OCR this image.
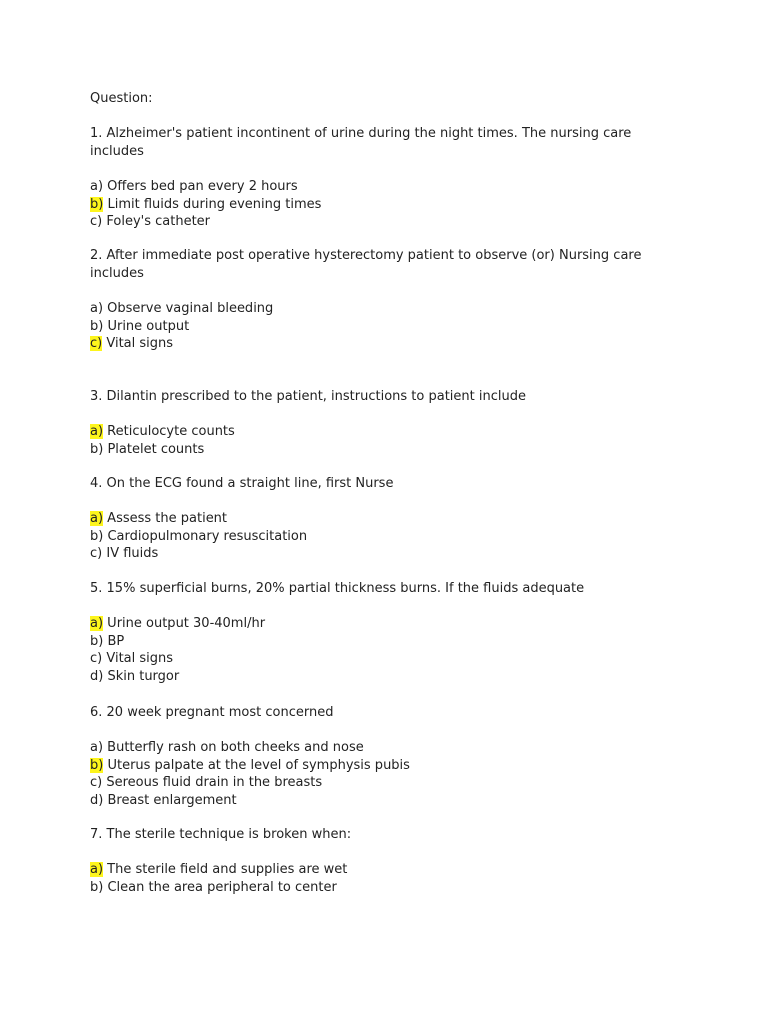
Question:
1. Alzheimer's patient incontinent of urine during the night times. The nursing care includes
a) Offers bed pan every 2 hours
b) Limit fluids during evening times
c) Foley's catheter
2. After immediate post operative hysterectomy patient to observe (or) Nursing care includes
a) Observe vaginal bleeding
b) Urine output
c) Vital signs
3. Dilantin prescribed to the patient, instructions to patient include
a) Reticulocyte counts
b) Platelet counts
4. On the ECG found a straight line, first Nurse
a) Assess the patient
b) Cardiopulmonary resuscitation
c) IV fluids
5. 15% superficial burns, 20% partial thickness burns. If the fluids adequate
a) Urine output 30-40ml/hr
b) BP
c) Vital signs
d) Skin turgor
6. 20 week pregnant most concerned
a) Butterfly rash on both cheeks and nose
b) Uterus palpate at the level of symphysis pubis
c) Sereous fluid drain in the breasts
d) Breast enlargement
7. The sterile technique is broken when:
a) The sterile field and supplies are wet
b) Clean the area peripheral to center
